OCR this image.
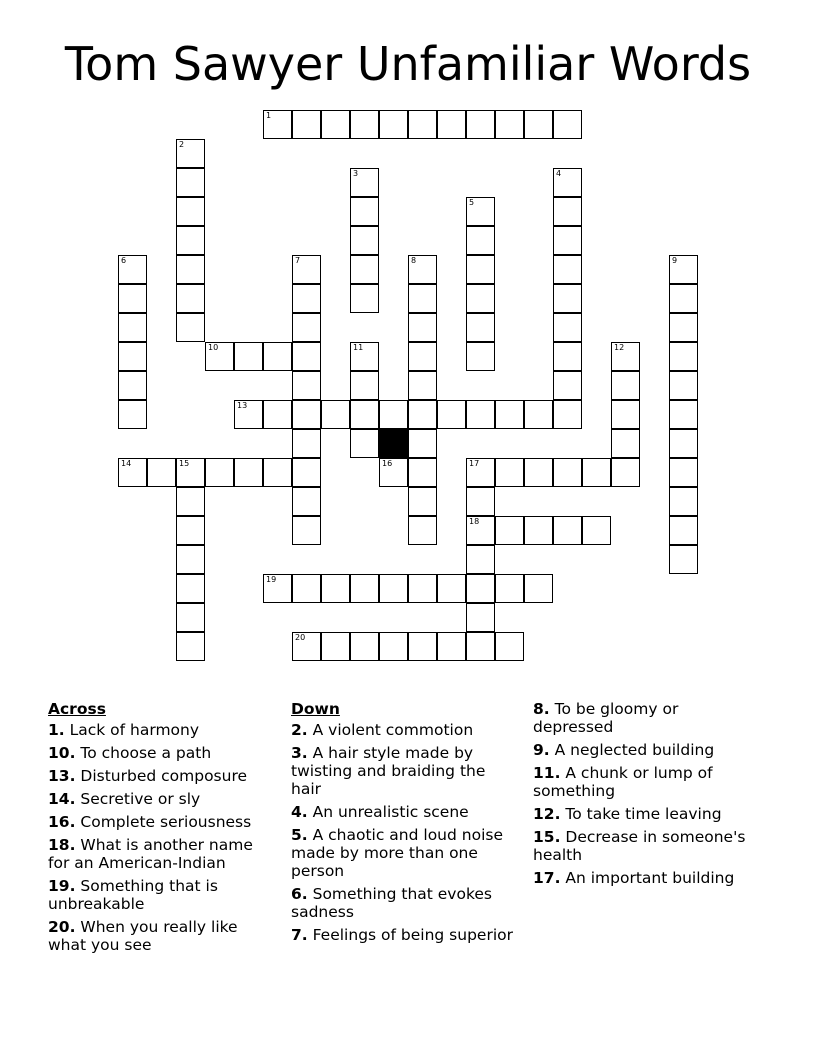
Tom Sawyer Unfamiliar Words
1
2
3	4
5
6	7	8	9
10	11	12
13
14	15	16	17
18
19
20
Across
1. Lack of harmony
10. To choose a path
13. Disturbed composure
14. Secretive or sly
16. Complete seriousness
18. What is another name for an American-Indian
19. Something that is unbreakable
20. When you really like what you see
Down
2. A violent commotion
3. A hair style made by twisting and braiding the hair
4. An unrealistic scene
5. A chaotic and loud noise made by more than one person
6. Something that evokes sadness
7. Feelings of being superior
8. To be gloomy or depressed
9. A neglected building
11. A chunk or lump of something
12. To take time leaving
15. Decrease in someone's health
17. An important building
